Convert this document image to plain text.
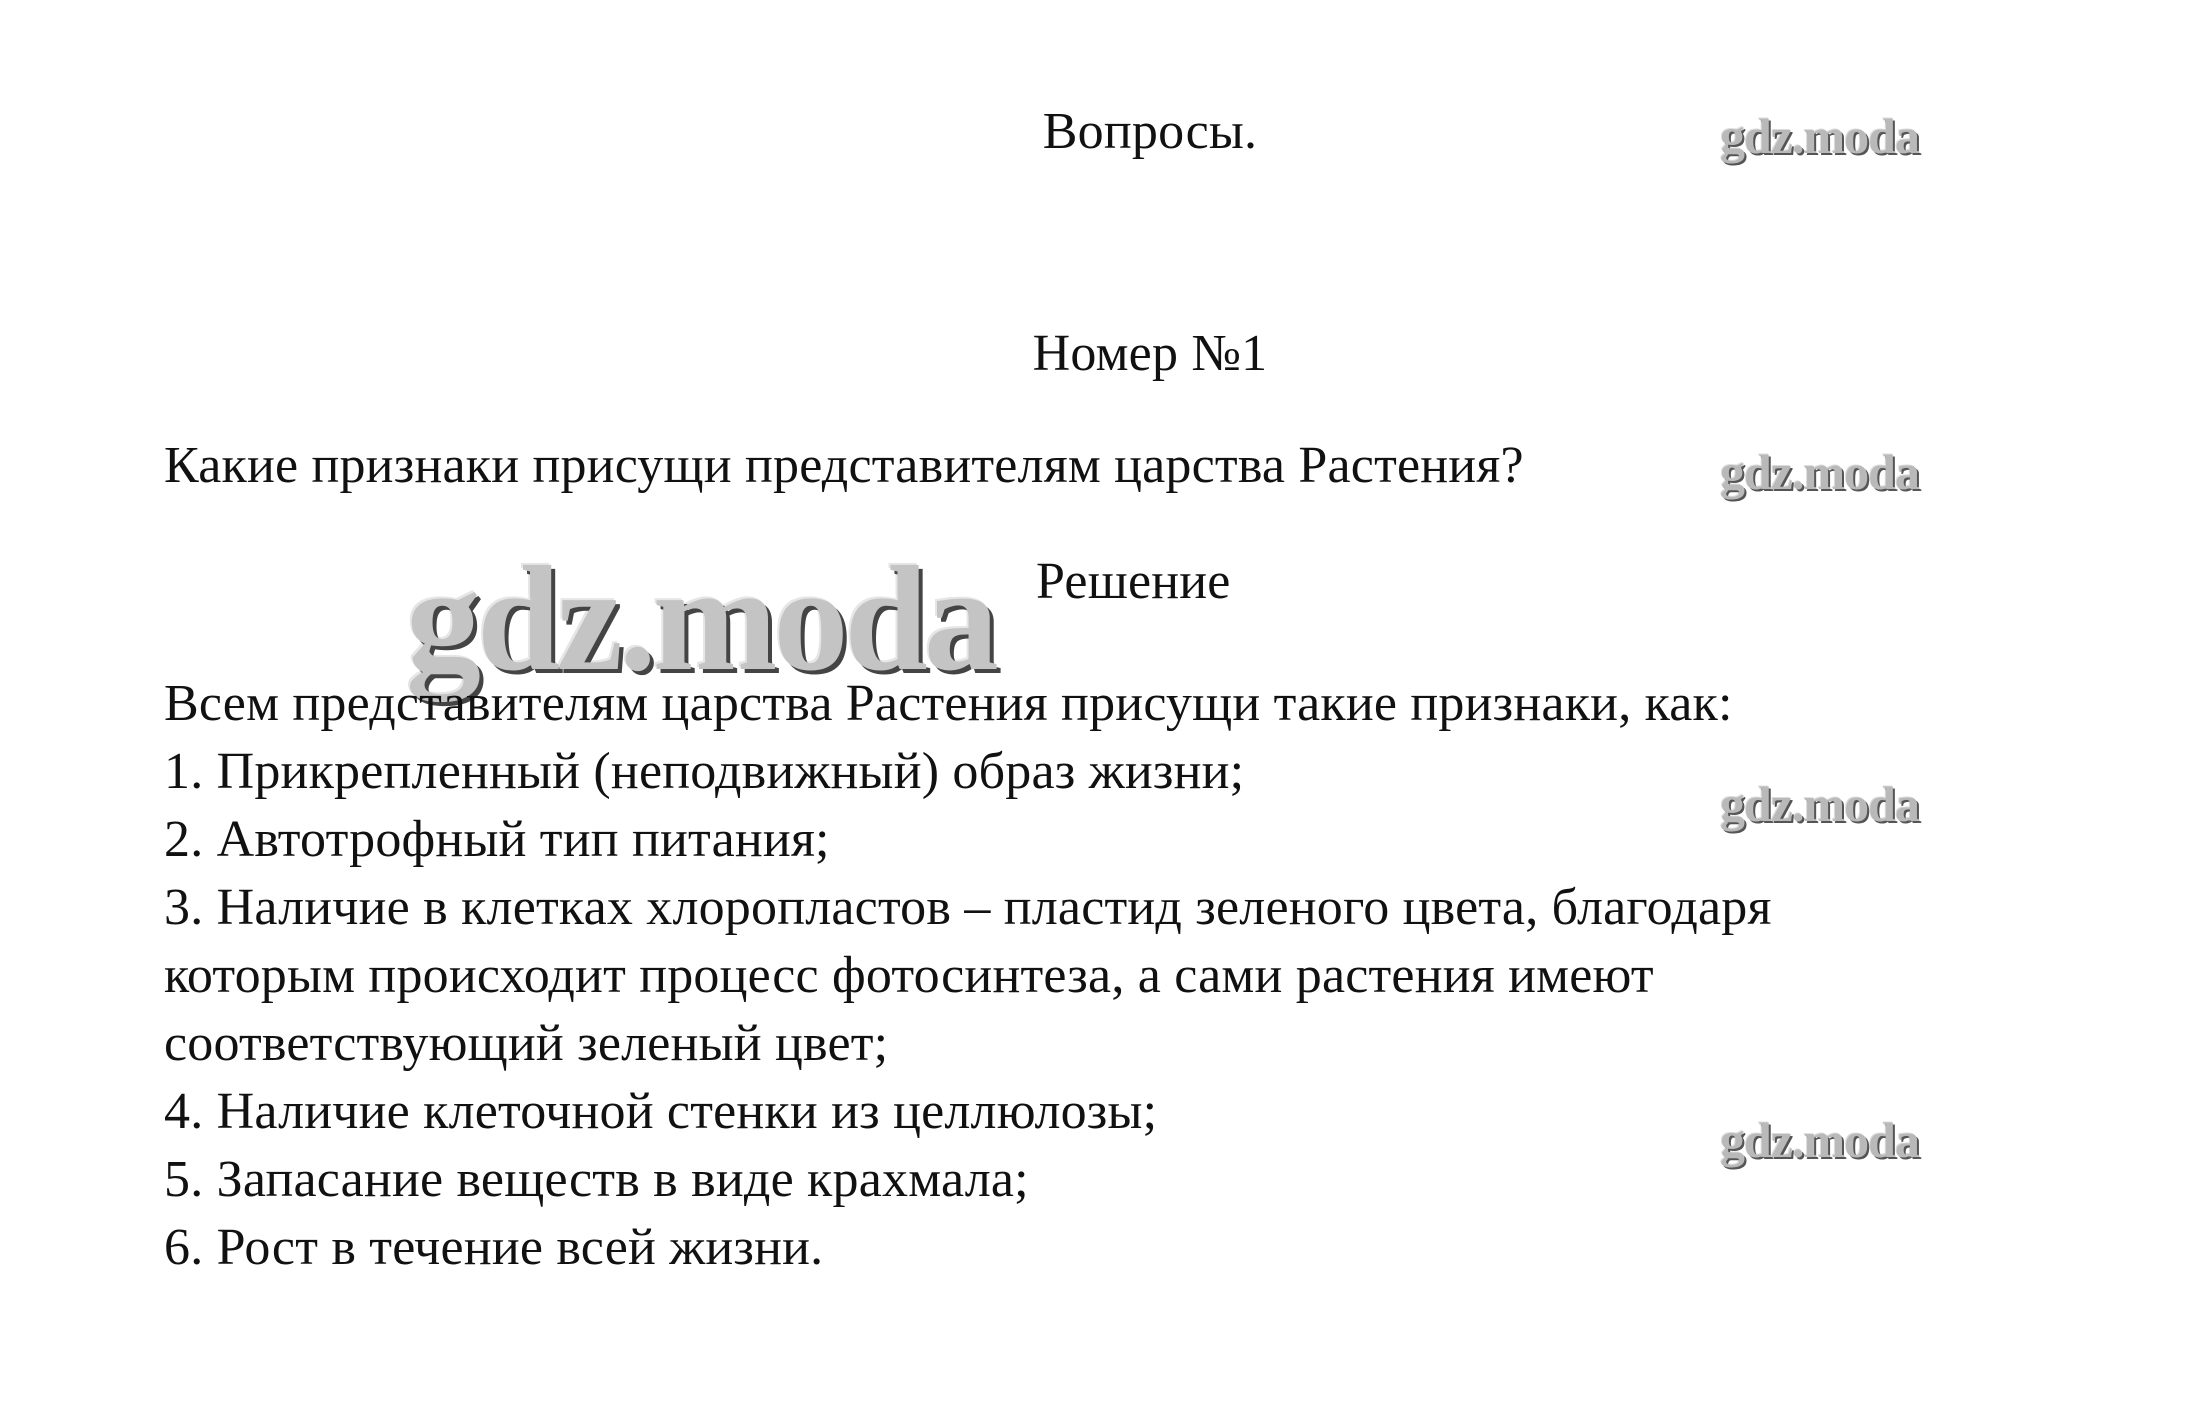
Вопросы.	gdz.moda
Номер №1
Какие признаки присущи представителям царства Растения?	gdz.moda
gdz.moda Решение
Всем представителям царства Растения присущи такие признаки, как:
1. Прикрепленный (неподвижный) образ жизни;
gdz.moda
2. Автотрофный тип питания;
3. Наличие в клетках хлоропластов – пластид зеленого цвета, благодаря
которым происходит процесс фотосинтеза, а сами растения имеют
соответствующий зеленый цвет;
4. Наличие клеточной стенки из целлюлозы;	gdz.moda
5. Запасание веществ в виде крахмала;
6. Рост в течение всей жизни.
